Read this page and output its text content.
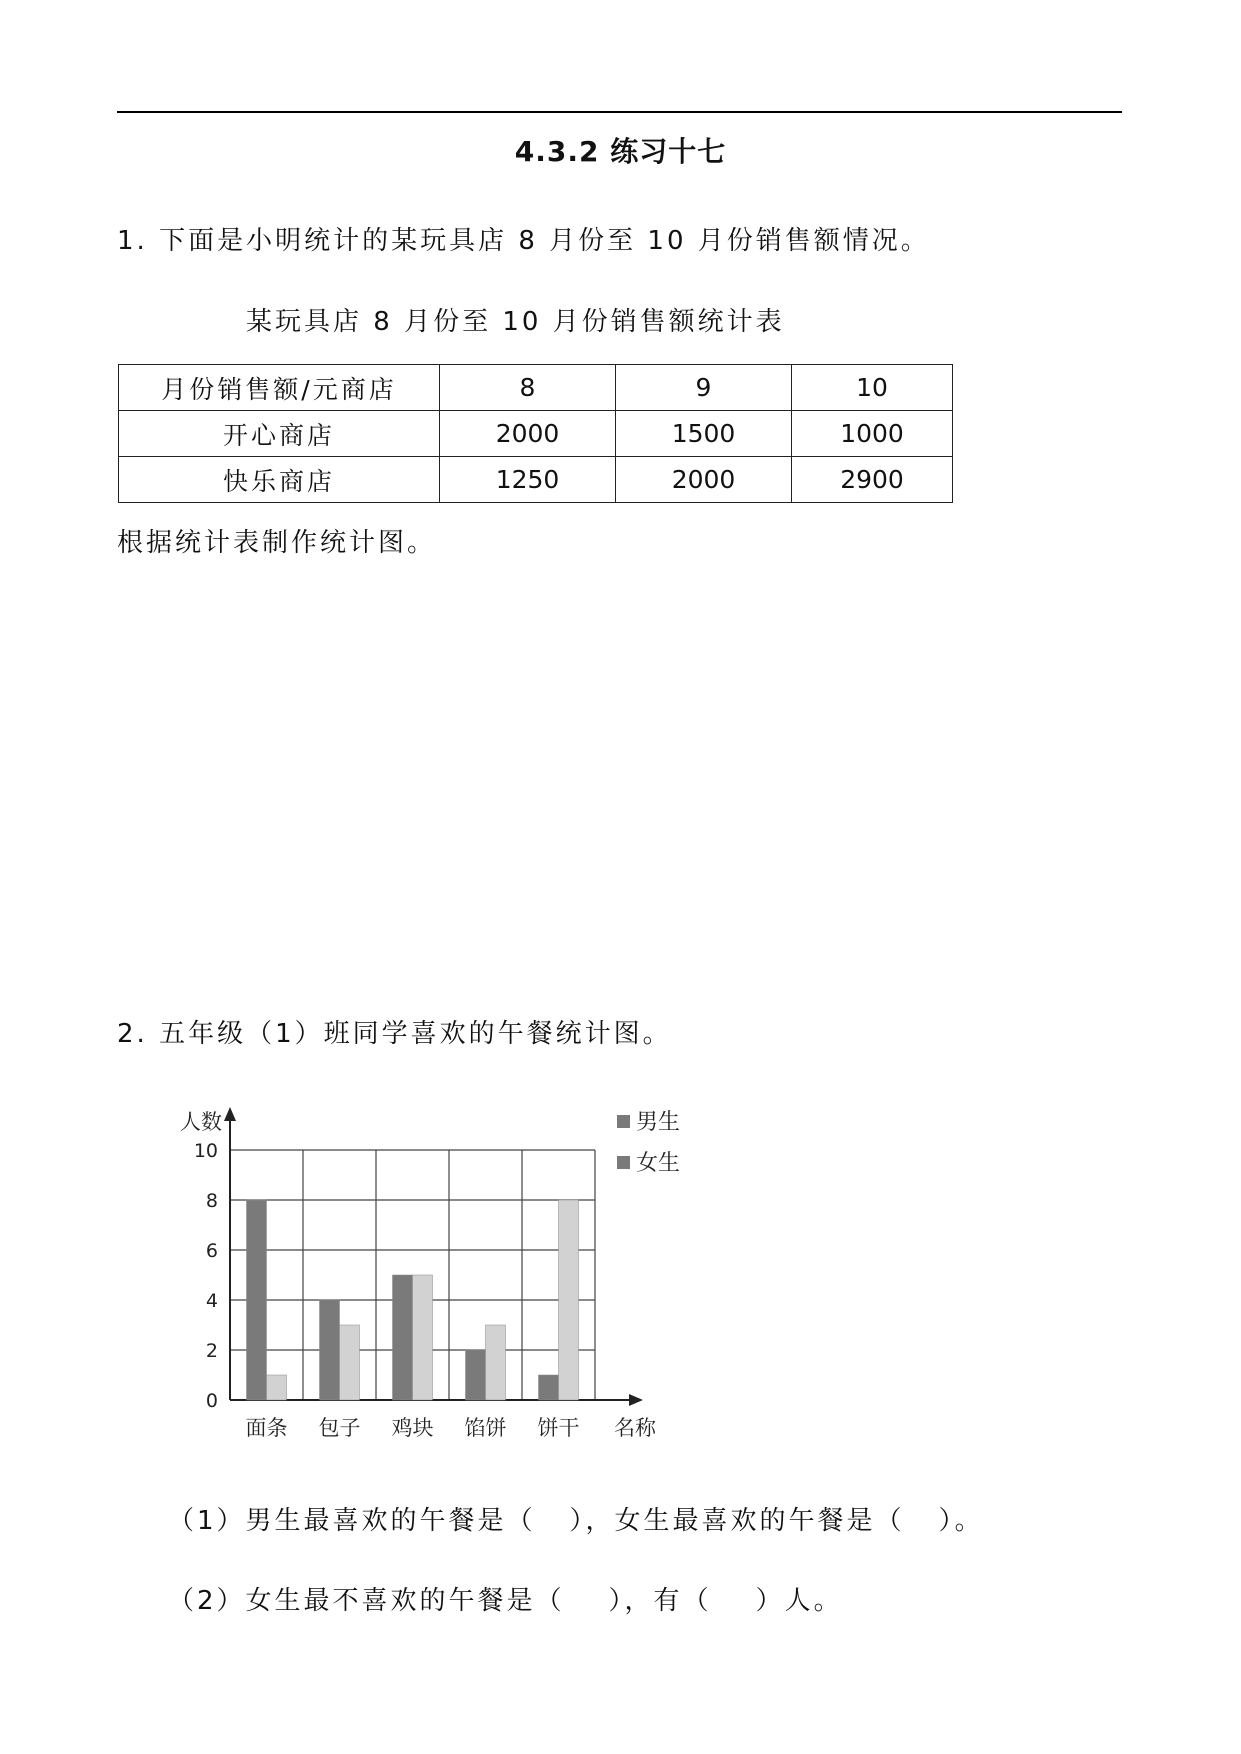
4.3.2 练习十七
1. 下面是小明统计的某玩具店 8 月份至 10 月份销售额情况。
某玩具店 8 月份至 10 月份销售额统计表
月份销售额/元商店	8	9	10
开心商店	2000	1500	1000
快乐商店	1250	2000	2900
根据统计表制作统计图。
2. 五年级（1）班同学喜欢的午餐统计图。
0
2
4
6
8
10
人数
名称
面条 包子 鸡块 馅饼 饼干
男生
女生
（1）男生最喜欢的午餐是（ ），女生最喜欢的午餐是（ ）。
（2）女生最不喜欢的午餐是（ ），有（ ）人。
